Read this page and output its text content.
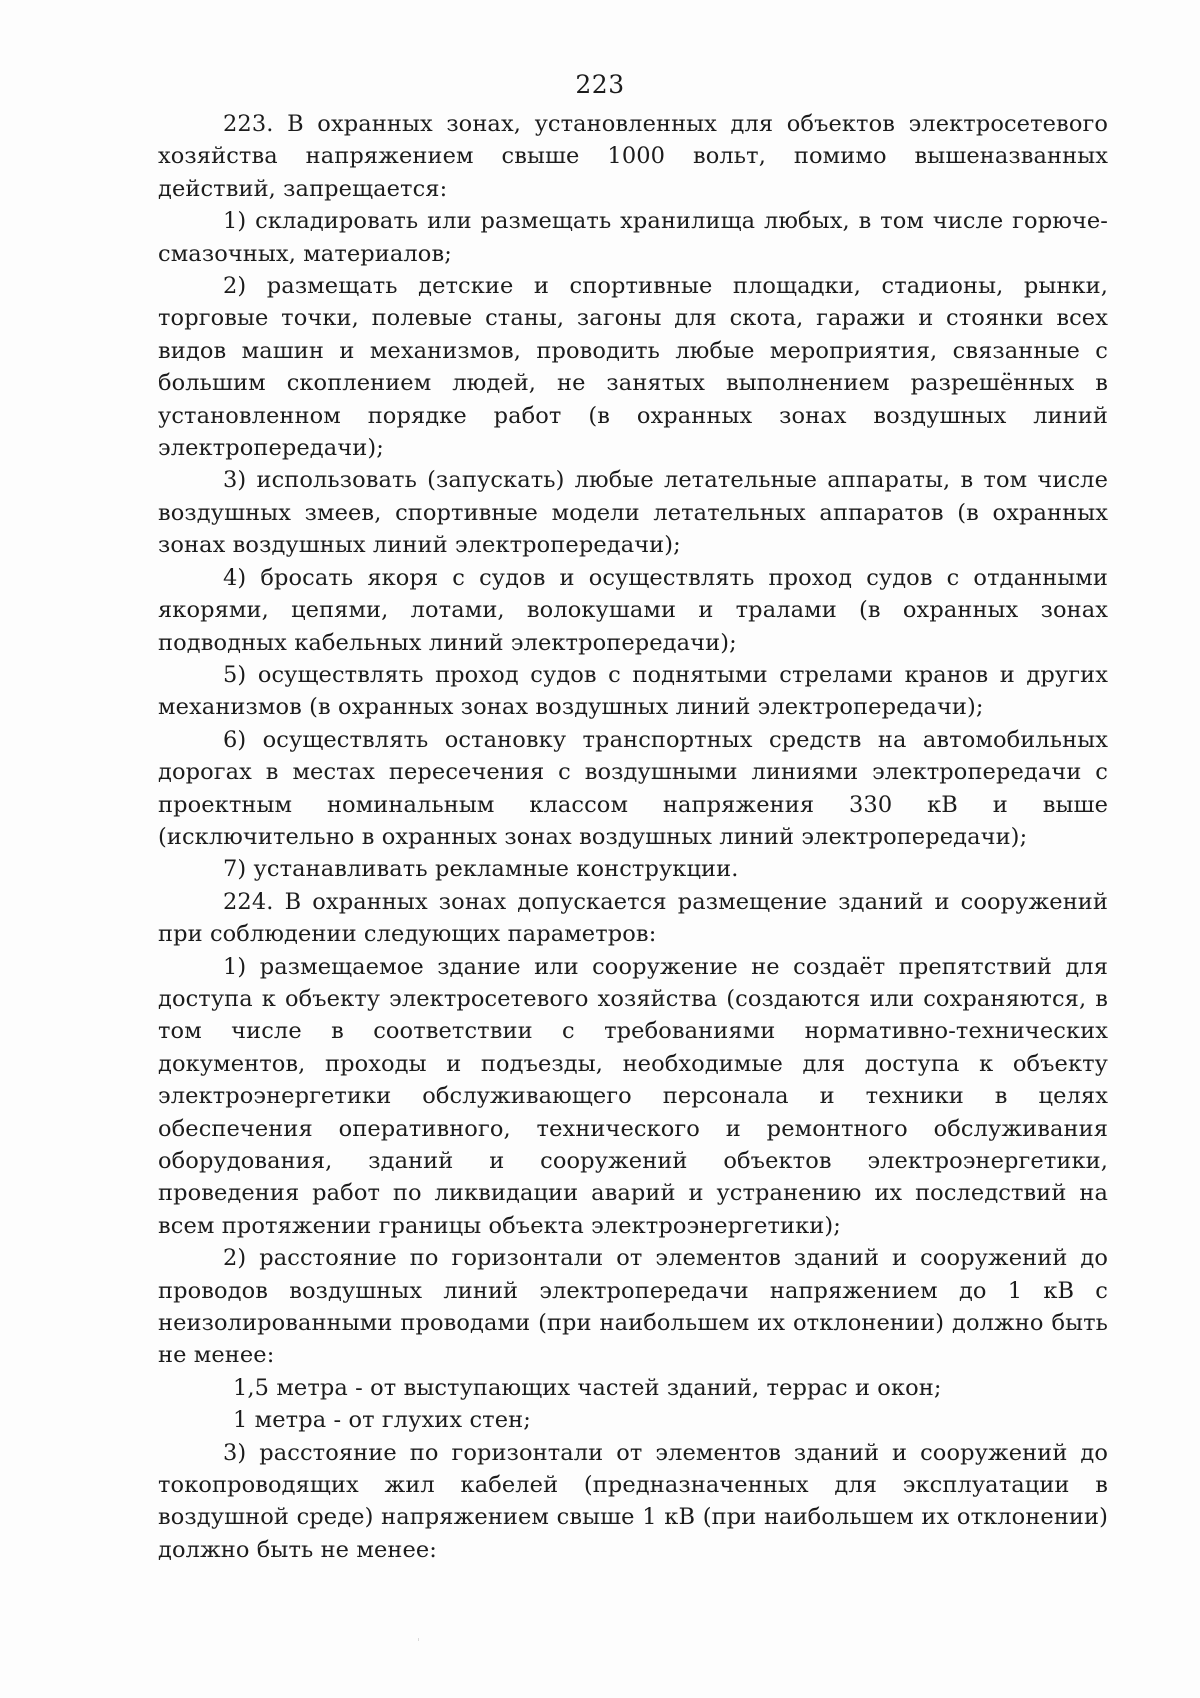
223

223. В охранных зонах, установленных для объектов электросетевого хозяйства напряжением свыше 1000 вольт, помимо вышеназванных действий, запрещается:

1) складировать или размещать хранилища любых, в том числе горюче-смазочных, материалов;

2) размещать детские и спортивные площадки, стадионы, рынки, торговые точки, полевые станы, загоны для скота, гаражи и стоянки всех видов машин и механизмов, проводить любые мероприятия, связанные с большим скоплением людей, не занятых выполнением разрешённых в установленном порядке работ (в охранных зонах воздушных линий электропередачи);

3) использовать (запускать) любые летательные аппараты, в том числе воздушных змеев, спортивные модели летательных аппаратов (в охранных зонах воздушных линий электропередачи);

4) бросать якоря с судов и осуществлять проход судов с отданными якорями, цепями, лотами, волокушами и тралами (в охранных зонах подводных кабельных линий электропередачи);

5) осуществлять проход судов с поднятыми стрелами кранов и других механизмов (в охранных зонах воздушных линий электропередачи);

6) осуществлять остановку транспортных средств на автомобильных дорогах в местах пересечения с воздушными линиями электропередачи с проектным номинальным классом напряжения 330 кВ и выше (исключительно в охранных зонах воздушных линий электропередачи);

7) устанавливать рекламные конструкции.

224. В охранных зонах допускается размещение зданий и сооружений при соблюдении следующих параметров:

1) размещаемое здание или сооружение не создаёт препятствий для доступа к объекту электросетевого хозяйства (создаются или сохраняются, в том числе в соответствии с требованиями нормативно-технических документов, проходы и подъезды, необходимые для доступа к объекту электроэнергетики обслуживающего персонала и техники в целях обеспечения оперативного, технического и ремонтного обслуживания оборудования, зданий и сооружений объектов электроэнергетики, проведения работ по ликвидации аварий и устранению их последствий на всем протяжении границы объекта электроэнергетики);

2) расстояние по горизонтали от элементов зданий и сооружений до проводов воздушных линий электропередачи напряжением до 1 кВ с неизолированными проводами (при наибольшем их отклонении) должно быть не менее:

1,5 метра - от выступающих частей зданий, террас и окон;

1 метра - от глухих стен;

3) расстояние по горизонтали от элементов зданий и сооружений до токопроводящих жил кабелей (предназначенных для эксплуатации в воздушной среде) напряжением свыше 1 кВ (при наибольшем их отклонении) должно быть не менее:
